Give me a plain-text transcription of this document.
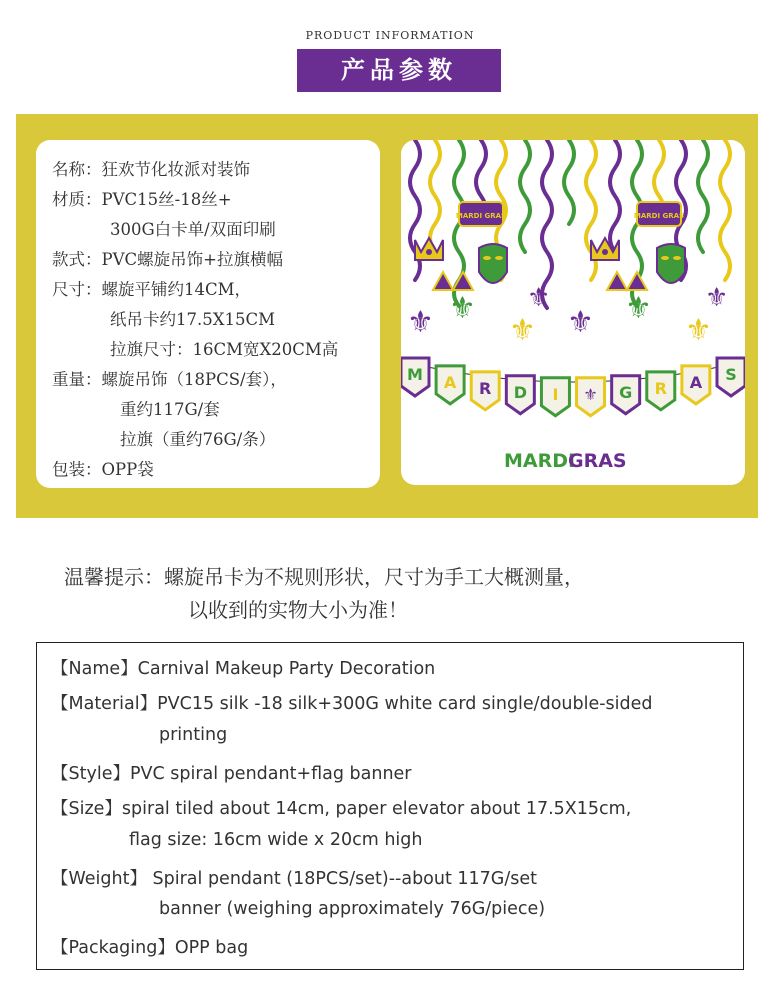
PRODUCT INFORMATION
产品参数
名称：狂欢节化妆派对装饰
材质：PVC15丝-18丝+
300G白卡单/双面印刷
款式：PVC螺旋吊饰+拉旗横幅
尺寸：螺旋平铺约14CM，
纸吊卡约17.5X15CM
拉旗尺寸：16CM宽X20CM高
重量：螺旋吊饰（18PCS/套），
重约117G/套
拉旗（重约76G/条）
包装：OPP袋
MARDI GRAS	MARDI GRAS
⚜ ⚜
⚜
⚜
⚜ ⚜
⚜
⚜
M A R D I ⚜ G R A S
MARDI
GRAS
温馨提示：螺旋吊卡为不规则形状，尺寸为手工大概测量，
以收到的实物大小为准！
【Name】Carnival Makeup Party Decoration
【Material】PVC15 silk -18 silk+300G white card single/double-sided
printing
【Style】PVC spiral pendant+flag banner
【Size】spiral tiled about 14cm, paper elevator about 17.5X15cm,
flag size: 16cm wide x 20cm high
【Weight】 Spiral pendant (18PCS/set)--about 117G/set
banner (weighing approximately 76G/piece)
【Packaging】OPP bag
